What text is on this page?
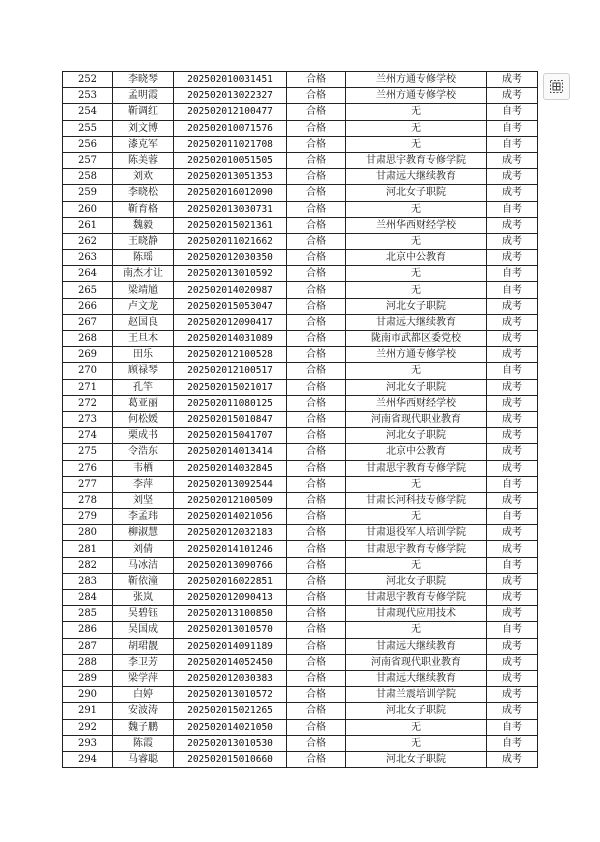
252	李晓琴	202502010031451	合格	兰州方通专修学校	成考
253	孟明霞	202502013022327	合格	兰州方通专修学校	成考
254	靳调红	202502012100477	合格	无	自考
255	刘文博	202502010071576	合格	无	自考
256	漆克军	202502011021708	合格	无	自考
257	陈美蓉	202502010051505	合格	甘肃思宇教育专修学院	成考
258	刘欢	202502013051353	合格	甘肃远大继续教育	成考
259	李晓松	202502016012090	合格	河北女子职院	成考
260	靳育格	202502013030731	合格	无	自考
261	魏毅	202502015021361	合格	兰州华西财经学校	成考
262	王晓静	202502011021662	合格	无	成考
263	陈瑶	202502012030350	合格	北京中公教育	成考
264	南杰才让	202502013010592	合格	无	自考
265	梁靖馗	202502014020987	合格	无	自考
266	卢文龙	202502015053047	合格	河北女子职院	成考
267	赵国良	202502012090417	合格	甘肃远大继续教育	成考
268	王旦木	202502014031089	合格	陇南市武都区委党校	成考
269	田乐	202502012100528	合格	兰州方通专修学校	成考
270	顾禄琴	202502012100517	合格	无	自考
271	孔竿	202502015021017	合格	河北女子职院	成考
272	葛亚丽	202502011080125	合格	兰州华西财经学校	成考
273	何松媛	202502015010847	合格	河南省现代职业教育	成考
274	栗成书	202502015041707	合格	河北女子职院	成考
275	令浩东	202502014013414	合格	北京中公教育	成考
276	韦栖	202502014032845	合格	甘肃思宇教育专修学院	成考
277	李萍	202502013092544	合格	无	自考
278	刘坚	202502012100509	合格	甘肃长河科技专修学院	成考
279	李孟玮	202502014021056	合格	无	自考
280	柳淑慧	202502012032183	合格	甘肃退役军人培训学院	成考
281	刘倩	202502014101246	合格	甘肃思宇教育专修学院	成考
282	马冰洁	202502013090766	合格	无	自考
283	靳依潼	202502016022851	合格	河北女子职院	成考
284	张岚	202502012090413	合格	甘肃思宇教育专修学院	成考
285	吴碧钰	202502013100850	合格	甘肃现代应用技术	成考
286	吴国成	202502013010570	合格	无	自考
287	胡珺靓	202502014091189	合格	甘肃远大继续教育	成考
288	李卫芳	202502014052450	合格	河南省现代职业教育	成考
289	梁学萍	202502012030383	合格	甘肃远大继续教育	成考
290	白婷	202502013010572	合格	甘肃兰震培训学院	成考
291	安波涛	202502015021265	合格	河北女子职院	成考
292	魏子鹏	202502014021050	合格	无	自考
293	陈霞	202502013010530	合格	无	自考
294	马睿聪	202502015010660	合格	河北女子职院	成考
